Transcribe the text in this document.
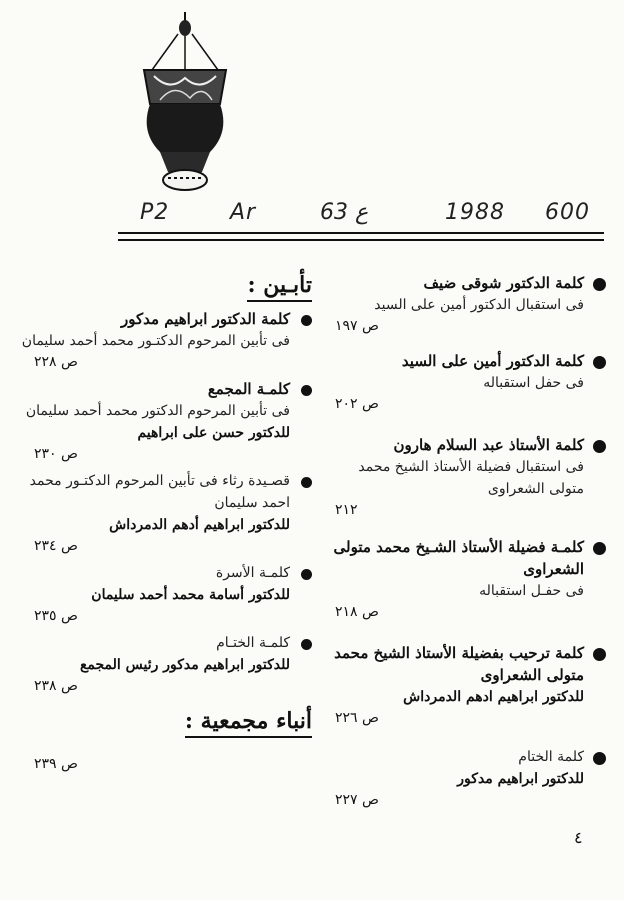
P2	Ar	63 ع	1988 600
كلمة الدكتور شوقى ضيف
فى استقبال الدكتور أمين على السيد
ص ١٩٧
كلمة الدكتور أمين على السيد
فى حفل استقباله
ص ٢٠٢
كلمة الأستاذ عبد السلام هارون
فى استقبال فضيلة الأستاذ الشيخ محمد متولى الشعراوى
٢١٢
كلمـة فضيلة الأستاذ الشـيخ محمد متولى الشعراوى
فى حفـل استقباله
ص ٢١٨
كلمة ترحيب بفضيلة الأستاذ الشيخ محمد متولى الشعراوى
للدكتور ابراهيم ادهم الدمرداش
ص ٢٢٦
كلمة الختام
للدكتور ابراهيم مدكور
ص ٢٢٧
تأبـين :
كلمة الدكتور ابراهيم مدكور
فى تأبين المرحوم الدكتـور محمد أحمد سليمان
ص ٢٢٨
كلمـة المجمع
فى تأبين المرحوم الدكتور محمد أحمد سليمان
للدكتور حسن على ابراهيم
ص ٢٣٠
قصـيدة رثاء فى تأبين المرحوم الدكتـور محمد احمد سليمان
للدكتور ابراهيم أدهم الدمرداش
ص ٢٣٤
كلمـة الأسرة
للدكتور أسامة محمد أحمد سليمان
ص ٢٣٥
كلمـة الختـام
للدكتور ابراهيم مدكور رئيس المجمع
ص ٢٣٨
أنباء مجمعية :
ص ٢٣٩
٤
